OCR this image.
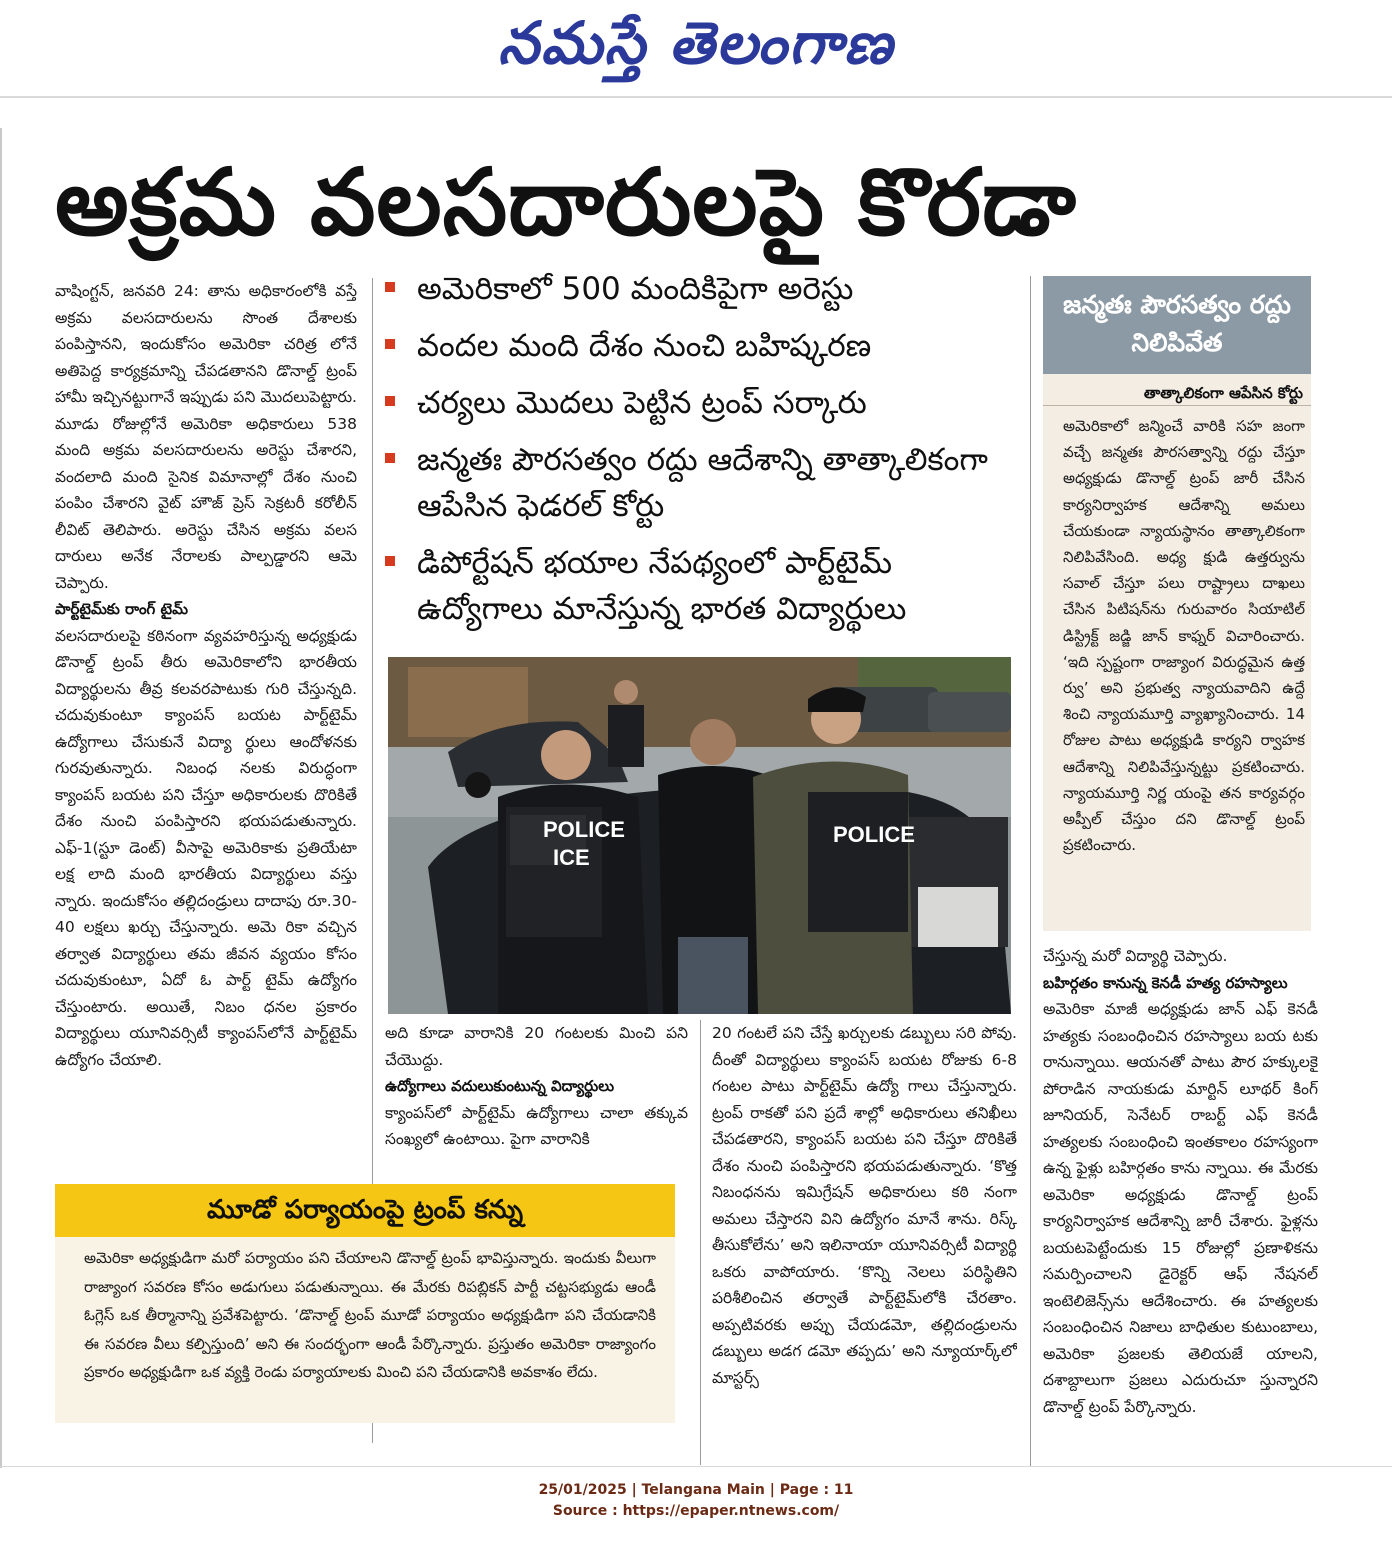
నమస్తే తెలంగాణ
అక్రమ వలసదారులపై కొరడా

వాషింగ్టన్, జనవరి 24: తాను అధికారంలోకి వస్తే అక్రమ వలసదారులను సొంత దేశాలకు పంపిస్తానని, ఇందుకోసం అమెరికా చరిత్ర లోనే అతిపెద్ద కార్యక్రమాన్ని చేపడతానని డొనాల్డ్ ట్రంప్ హామీ ఇచ్చినట్టుగానే ఇప్పుడు పని మొదలుపెట్టారు. మూడు రోజుల్లోనే అమెరికా అధికారులు 538 మంది అక్రమ వలసదారులను అరెస్టు చేశారని, వందలాది మంది సైనిక విమానాల్లో దేశం నుంచి పంపిం చేశారని వైట్ హౌజ్ ప్రెస్ సెక్రటరీ కరోలీన్ లీవిట్ తెలిపారు. అరెస్టు చేసిన అక్రమ వలస దారులు అనేక నేరాలకు పాల్పడ్డారని ఆమె చెప్పారు.

పార్ట్‌టైమ్‌కు రాంగ్ టైమ్

వలసదారులపై కఠినంగా వ్యవహరిస్తున్న అధ్యక్షుడు డొనాల్డ్ ట్రంప్ తీరు అమెరికాలోని భారతీయ విద్యార్థులను తీవ్ర కలవరపాటుకు గురి చేస్తున్నది. చదువుకుంటూ క్యాంపస్ బయట పార్ట్‌టైమ్ ఉద్యోగాలు చేసుకునే విద్యా ర్థులు ఆందోళనకు గురవుతున్నారు. నిబంధ నలకు విరుద్ధంగా క్యాంపస్ బయట పని చేస్తూ అధికారులకు దొరికితే దేశం నుంచి పంపిస్తారని భయపడుతున్నారు. ఎఫ్-1(స్టూ డెంట్) వీసాపై అమెరికాకు ప్రతియేటా లక్ష లాది మంది భారతీయ విద్యార్థులు వస్తు న్నారు. ఇందుకోసం తల్లిదండ్రులు దాదాపు రూ.30-40 లక్షలు ఖర్చు చేస్తున్నారు. అమె రికా వచ్చిన తర్వాత విద్యార్థులు తమ జీవన వ్యయం కోసం చదువుకుంటూ, ఏదో ఓ పార్ట్ టైమ్ ఉద్యోగం చేస్తుంటారు. అయితే, నిబం ధనల ప్రకారం విద్యార్థులు యూనివర్సిటీ క్యాంపస్‌లోనే పార్ట్‌టైమ్ ఉద్యోగం చేయాలి.

అమెరికాలో 500 మందికిపైగా అరెస్టు
వందల మంది దేశం నుంచి బహిష్కరణ
చర్యలు మొదలు పెట్టిన ట్రంప్ సర్కారు
జన్మతః పౌరసత్వం రద్దు ఆదేశాన్ని తాత్కాలికంగా ఆపేసిన ఫెడరల్ కోర్టు
డిపోర్టేషన్ భయాల నేపథ్యంలో పార్ట్‌టైమ్ ఉద్యోగాలు మానేస్తున్న భారత విద్యార్థులు
POLICE
ICE
POLICE

అది కూడా వారానికి 20 గంటలకు మించి పని చేయొద్దు.

ఉద్యోగాలు వదులుకుంటున్న విద్యార్థులు

క్యాంపస్‌లో పార్ట్‌టైమ్ ఉద్యోగాలు చాలా తక్కువ సంఖ్యలో ఉంటాయి. పైగా వారానికి

20 గంటలే పని చేస్తే ఖర్చులకు డబ్బులు సరి పోవు. దీంతో విద్యార్థులు క్యాంపస్ బయట రోజుకు 6-8 గంటల పాటు పార్ట్‌టైమ్ ఉద్యో గాలు చేస్తున్నారు. ట్రంప్ రాకతో పని ప్రదే శాల్లో అధికారులు తనిఖీలు చేపడతారని, క్యాంపస్ బయట పని చేస్తూ దొరికితే దేశం నుంచి పంపిస్తారని భయపడుతున్నారు. ‘కొత్త నిబంధనను ఇమిగ్రేషన్ అధికారులు కఠి నంగా అమలు చేస్తారని విని ఉద్యోగం మానే శాను. రిస్క్ తీసుకోలేను’ అని ఇలినాయా యూనివర్సిటీ విద్యార్థి ఒకరు వాపోయారు. ‘కొన్ని నెలలు పరిస్థితిని పరిశీలించిన తర్వాతే పార్ట్‌టైమ్‌లోకి చేరతాం. అప్పటివరకు అప్పు చేయడమో, తల్లిదండ్రులను డబ్బులు అడగ డమో తప్పదు’ అని న్యూయార్క్‌లో మాస్టర్స్

జన్మతః పౌరసత్వం రద్దు నిలిపివేత
తాత్కాలికంగా ఆపేసిన కోర్టు

అమెరికాలో జన్మించే వారికి సహ జంగా వచ్చే జన్మతః పౌరసత్వాన్ని రద్దు చేస్తూ అధ్యక్షుడు డొనాల్డ్ ట్రంప్ జారీ చేసిన కార్యనిర్వాహక ఆదేశాన్ని అమలు చేయకుండా న్యాయస్థానం తాత్కాలికంగా నిలిపివేసింది. అధ్య క్షుడి ఉత్తర్వును సవాల్ చేస్తూ పలు రాష్ట్రాలు దాఖలు చేసిన పిటిషన్‌ను గురువారం సియాటిల్ డిస్ట్రిక్ట్ జడ్జి జాన్ కాఫ్నర్ విచారించారు. ‘ఇది స్పష్టంగా రాజ్యాంగ విరుద్ధమైన ఉత్త ర్వు’ అని ప్రభుత్వ న్యాయవాదిని ఉద్దే శించి న్యాయమూర్తి వ్యాఖ్యానించారు. 14 రోజుల పాటు అధ్యక్షుడి కార్యని ర్వాహక ఆదేశాన్ని నిలిపివేస్తున్నట్టు ప్రకటించారు. న్యాయమూర్తి నిర్ణ యంపై తన కార్యవర్గం అప్పీల్ చేస్తుం దని డొనాల్డ్ ట్రంప్ ప్రకటించారు.

చేస్తున్న మరో విద్యార్థి చెప్పారు.

బహిర్గతం కానున్న కెనడీ హత్య రహస్యాలు

అమెరికా మాజీ అధ్యక్షుడు జాన్ ఎఫ్ కెనడీ హత్యకు సంబంధించిన రహస్యాలు బయ టకు రానున్నాయి. ఆయనతో పాటు పౌర హక్కులకై పోరాడిన నాయకుడు మార్టిన్ లూథర్ కింగ్ జూనియర్, సెనేటర్ రాబర్ట్ ఎఫ్ కెనడీ హత్యలకు సంబంధించి ఇంతకాలం రహస్యంగా ఉన్న ఫైళ్లు బహిర్గతం కాను న్నాయి. ఈ మేరకు అమెరికా అధ్యక్షుడు డొనాల్డ్ ట్రంప్ కార్యనిర్వాహక ఆదేశాన్ని జారీ చేశారు. ఫైళ్లను బయటపెట్టేందుకు 15 రోజుల్లో ప్రణాళికను సమర్పించాలని డైరెక్టర్ ఆఫ్ నేషనల్ ఇంటెలిజెన్స్‌ను ఆదేశించారు. ఈ హత్యలకు సంబంధించిన నిజాలు బాధితుల కుటుంబాలు, అమెరికా ప్రజలకు తెలియజే యాలని, దశాబ్దాలుగా ప్రజలు ఎదురుచూ స్తున్నారని డొనాల్డ్ ట్రంప్ పేర్కొన్నారు.

మూడో పర్యాయంపై ట్రంప్ కన్ను

అమెరికా అధ్యక్షుడిగా మరో పర్యాయం పని చేయాలని డొనాల్డ్ ట్రంప్ భావిస్తున్నారు. ఇందుకు వీలుగా రాజ్యాంగ సవరణ కోసం అడుగులు పడుతున్నాయి. ఈ మేరకు రిపబ్లికన్ పార్టీ చట్టసభ్యుడు ఆండీ ఓగ్లెస్ ఒక తీర్మానాన్ని ప్రవేశపెట్టారు. ‘డొనాల్డ్ ట్రంప్ మూడో పర్యాయం అధ్యక్షుడిగా పని చేయడానికి ఈ సవరణ వీలు కల్పిస్తుంది’ అని ఈ సందర్భంగా ఆండీ పేర్కొన్నారు. ప్రస్తుతం అమెరికా రాజ్యాంగం ప్రకారం అధ్యక్షుడిగా ఒక వ్యక్తి రెండు పర్యాయాలకు మించి పని చేయడానికి అవకాశం లేదు.

25/01/2025 | Telangana Main | Page : 11
Source : https://epaper.ntnews.com/
